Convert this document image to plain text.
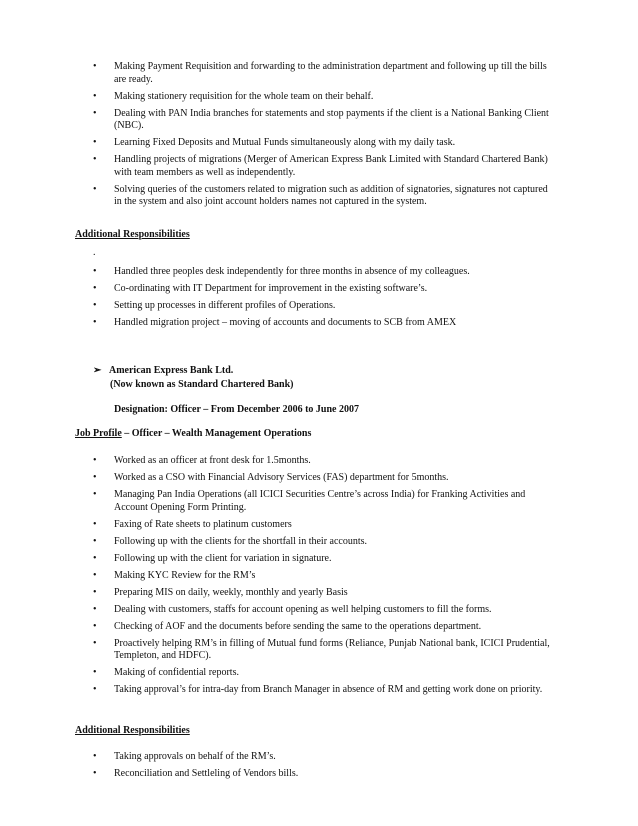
• Making Payment Requisition and forwarding to the administration department and following up till the bills are ready.
• Making stationery requisition for the whole team on their behalf.
• Dealing with PAN India branches for statements and stop payments if the client is a National Banking Client (NBC).
• Learning Fixed Deposits and Mutual Funds simultaneously along with my daily task.
• Handling projects of migrations (Merger of American Express Bank Limited with Standard Chartered Bank) with team members as well as independently.
• Solving queries of the customers related to migration such as addition of signatories, signatures not captured in the system and also joint account holders names not captured in the system.
Additional Responsibilities
.
• Handled three peoples desk independently for three months in absence of my colleagues.
• Co-ordinating with IT Department for improvement in the existing software’s.
• Setting up processes in different profiles of Operations.
• Handled migration project – moving of accounts and documents to SCB from AMEX
➢ American Express Bank Ltd.
(Now known as Standard Chartered Bank)
Designation: Officer – From December 2006 to June 2007
Job Profile – Officer – Wealth Management Operations
• Worked as an officer at front desk for 1.5months.
• Worked as a CSO with Financial Advisory Services (FAS) department for 5months.
• Managing Pan India Operations (all ICICI Securities Centre’s across India) for Franking Activities and Account Opening Form Printing.
• Faxing of Rate sheets to platinum customers
• Following up with the clients for the shortfall in their accounts.
• Following up with the client for variation in signature.
• Making KYC Review for the RM’s
• Preparing MIS on daily, weekly, monthly and yearly Basis
• Dealing with customers, staffs for account opening as well helping customers to fill the forms.
• Checking of AOF and the documents before sending the same to the operations department.
• Proactively helping RM’s in filling of Mutual fund forms (Reliance, Punjab National bank, ICICI Prudential, Templeton, and HDFC).
• Making of confidential reports.
• Taking approval’s for intra-day from Branch Manager in absence of RM and getting work done on priority.
Additional Responsibilities
• Taking approvals on behalf of the RM’s.
• Reconciliation and Settleling of Vendors bills.
